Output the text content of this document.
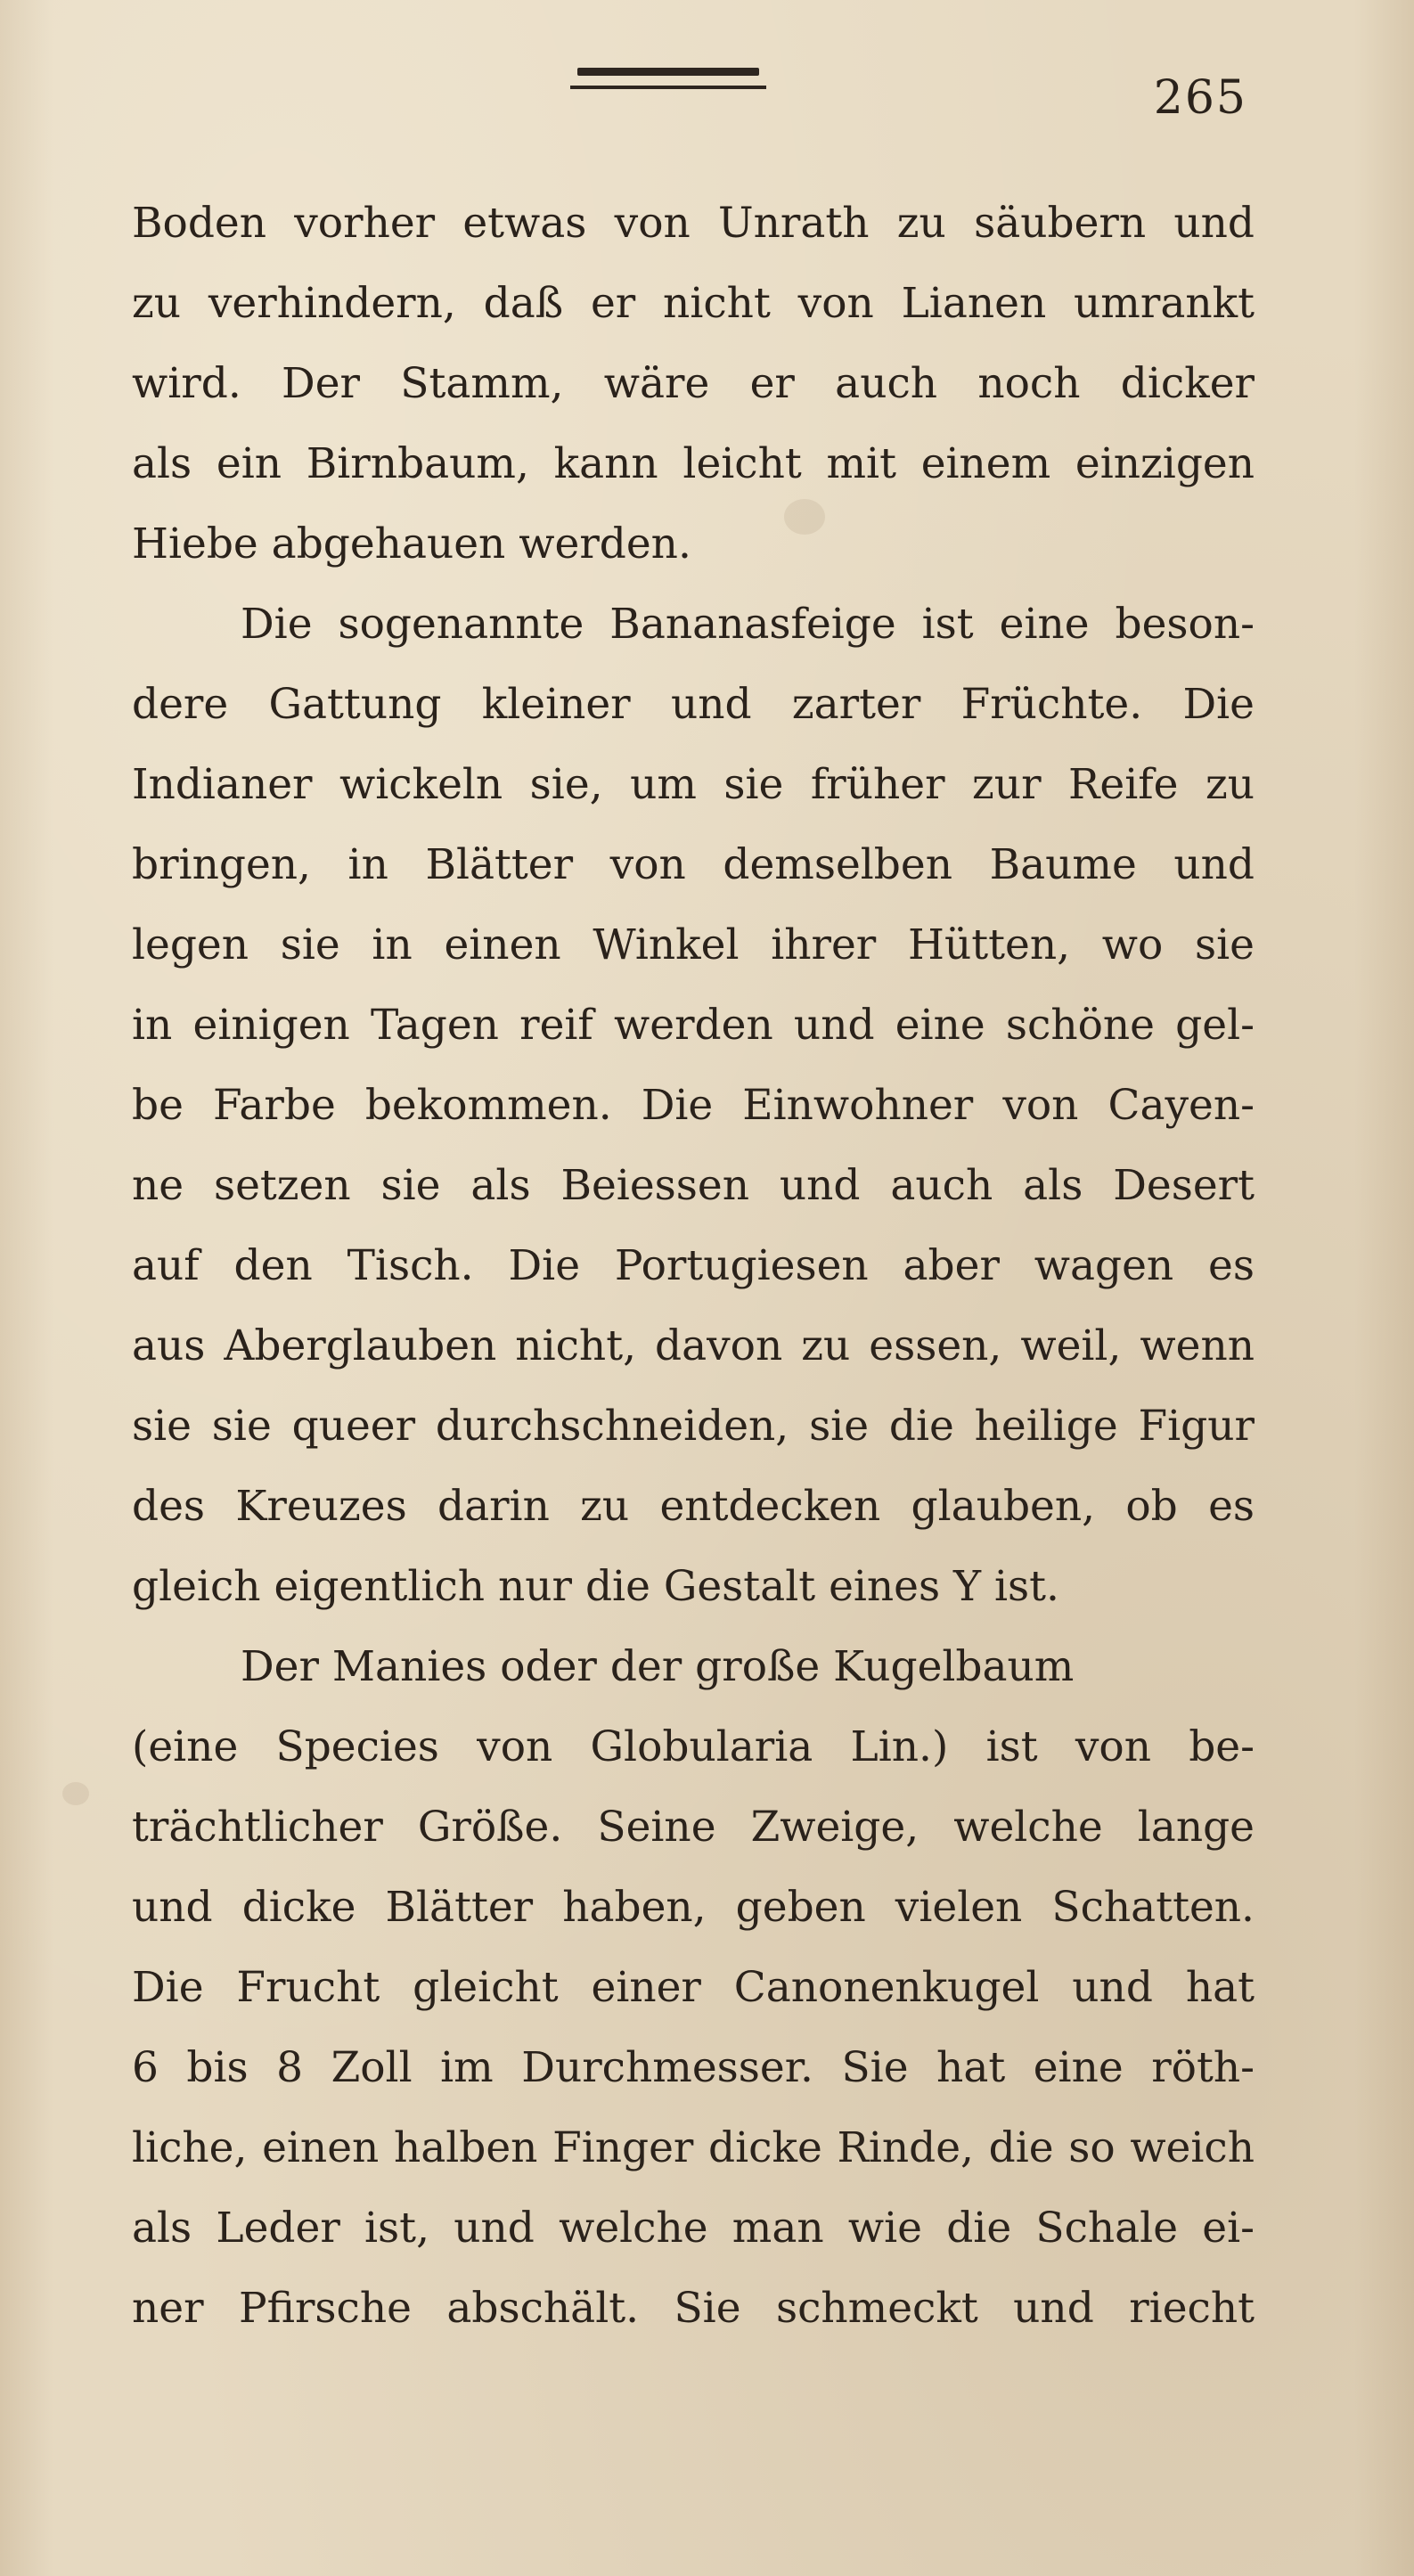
265
Boden vorher etwas von Unrath zu säubern und
zu verhindern, daß er nicht von Lianen umrankt
wird. Der Stamm, wäre er auch noch dicker
als ein Birnbaum, kann leicht mit einem einzigen
Hiebe abgehauen werden.
Die sogenannte Bananasfeige ist eine beson-
dere Gattung kleiner und zarter Früchte. Die
Indianer wickeln sie, um sie früher zur Reife zu
bringen, in Blätter von demselben Baume und
legen sie in einen Winkel ihrer Hütten, wo sie
in einigen Tagen reif werden und eine schöne gel-
be Farbe bekommen. Die Einwohner von Cayen-
ne setzen sie als Beiessen und auch als Desert
auf den Tisch. Die Portugiesen aber wagen es
aus Aberglauben nicht, davon zu essen, weil, wenn
sie sie queer durchschneiden, sie die heilige Figur
des Kreuzes darin zu entdecken glauben, ob es
gleich eigentlich nur die Gestalt eines Y ist.
Der Manies oder der große Kugelbaum
(eine Species von Globularia Lin.) ist von be-
trächtlicher Größe. Seine Zweige, welche lange
und dicke Blätter haben, geben vielen Schatten.
Die Frucht gleicht einer Canonenkugel und hat
6 bis 8 Zoll im Durchmesser. Sie hat eine röth-
liche, einen halben Finger dicke Rinde, die so weich
als Leder ist, und welche man wie die Schale ei-
ner Pfirsche abschält. Sie schmeckt und riecht
